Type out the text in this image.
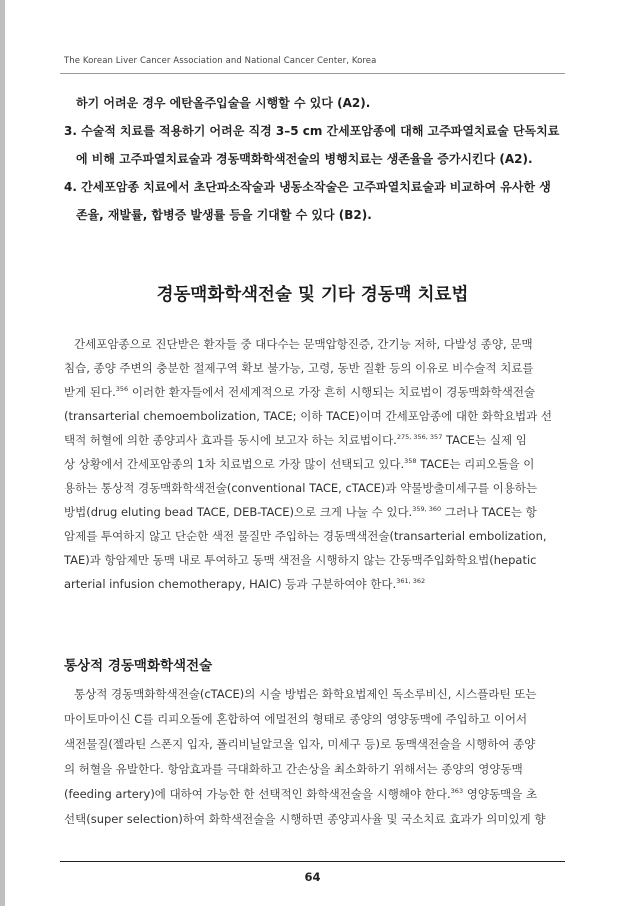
The Korean Liver Cancer Association and National Cancer Center, Korea
하기 어려운 경우 에탄올주입술을 시행할 수 있다 (A2).
3. 수술적 치료를 적용하기 어려운 직경 3–5 cm 간세포암종에 대해 고주파열치료술 단독치료
에 비해 고주파열치료술과 경동맥화학색전술의 병행치료는 생존율을 증가시킨다 (A2).
4. 간세포암종 치료에서 초단파소작술과 냉동소작술은 고주파열치료술과 비교하여 유사한 생
존율, 재발률, 합병증 발생률 등을 기대할 수 있다 (B2).
경동맥화학색전술 및 기타 경동맥 치료법
간세포암종으로 진단받은 환자들 중 대다수는 문맥압항진증, 간기능 저하, 다발성 종양, 문맥
침습, 종양 주변의 충분한 절제구역 확보 불가능, 고령, 동반 질환 등의 이유로 비수술적 치료를
받게 된다.$^{356}$ 이러한 환자들에서 전세계적으로 가장 흔히 시행되는 치료법이 경동맥화학색전술
(transarterial chemoembolization, TACE; 이하 TACE)이며 간세포암종에 대한 화학요법과 선
택적 허혈에 의한 종양괴사 효과를 동시에 보고자 하는 치료법이다.$^{275, 356, 357}$ TACE는 실제 임
상 상황에서 간세포암종의 1차 치료법으로 가장 많이 선택되고 있다.$^{358}$ TACE는 리피오돌을 이
용하는 통상적 경동맥화학색전술(conventional TACE, cTACE)과 약물방출미세구를 이용하는
방법(drug eluting bead TACE, DEB-TACE)으로 크게 나눌 수 있다.$^{359, 360}$ 그러나 TACE는 항
암제를 투여하지 않고 단순한 색전 물질만 주입하는 경동맥색전술(transarterial embolization,
TAE)과 항암제만 동맥 내로 투여하고 동맥 색전을 시행하지 않는 간동맥주입화학요법(hepatic
arterial infusion chemotherapy, HAIC) 등과 구분하여야 한다.$^{361, 362}$
통상적 경동맥화학색전술
통상적 경동맥화학색전술(cTACE)의 시술 방법은 화학요법제인 독소루비신, 시스플라틴 또는
마이토마이신 C를 리피오돌에 혼합하여 에멀전의 형태로 종양의 영양동맥에 주입하고 이어서
색전물질(젤라틴 스폰지 입자, 폴리비닐알코올 입자, 미세구 등)로 동맥색전술을 시행하여 종양
의 허혈을 유발한다. 항암효과를 극대화하고 간손상을 최소화하기 위해서는 종양의 영양동맥
(feeding artery)에 대하여 가능한 한 선택적인 화학색전술을 시행해야 한다.$^{363}$ 영양동맥을 초
선택(super selection)하여 화학색전술을 시행하면 종양괴사율 및 국소치료 효과가 의미있게 향
64
